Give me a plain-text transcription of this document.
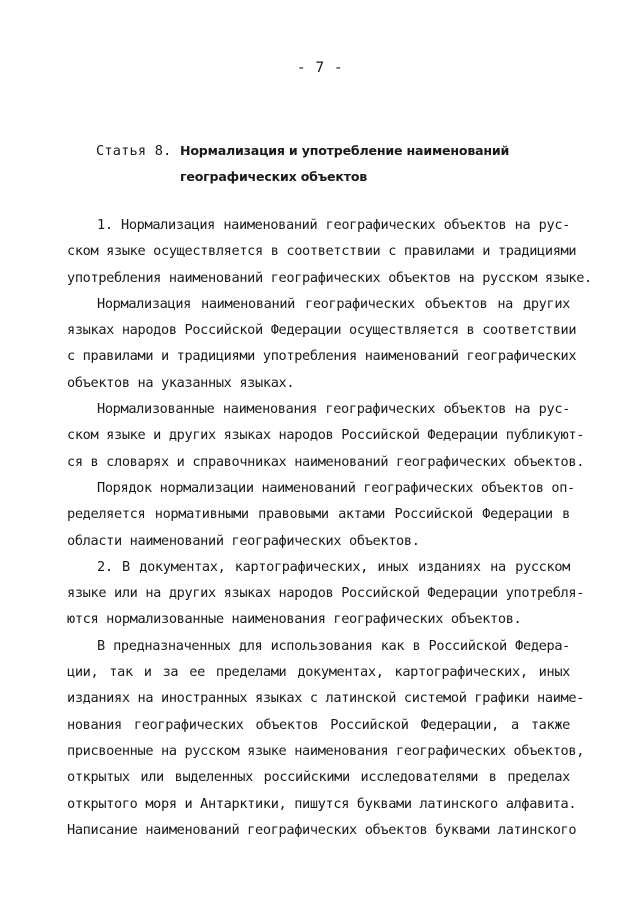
- 7 -
Статья 8. Нормализация и употребление наименований
географических объектов
1. Нормализация наименований географических объектов на рус-
ском языке осуществляется в соответствии с правилами и традициями
употребления наименований географических объектов на русском языке.
Нормализация наименований географических объектов на других
языках народов Российской Федерации осуществляется в соответствии
с правилами и традициями употребления наименований географических
объектов на указанных языках.
Нормализованные наименования географических объектов на рус-
ском языке и других языках народов Российской Федерации публикуют-
ся в словарях и справочниках наименований географических объектов.
Порядок нормализации наименований географических объектов оп-
ределяется нормативными правовыми актами Российской Федерации в
области наименований географических объектов.
2. В документах, картографических, иных изданиях на русском
языке или на других языках народов Российской Федерации употребля-
ются нормализованные наименования географических объектов.
В предназначенных для использования как в Российской Федера-
ции, так и за ее пределами документах, картографических, иных
изданиях на иностранных языках с латинской системой графики наиме-
нования географических объектов Российской Федерации, а также
присвоенные на русском языке наименования географических объектов,
открытых или выделенных российскими исследователями в пределах
открытого моря и Антарктики, пишутся буквами латинского алфавита.
Написание наименований географических объектов буквами латинского
